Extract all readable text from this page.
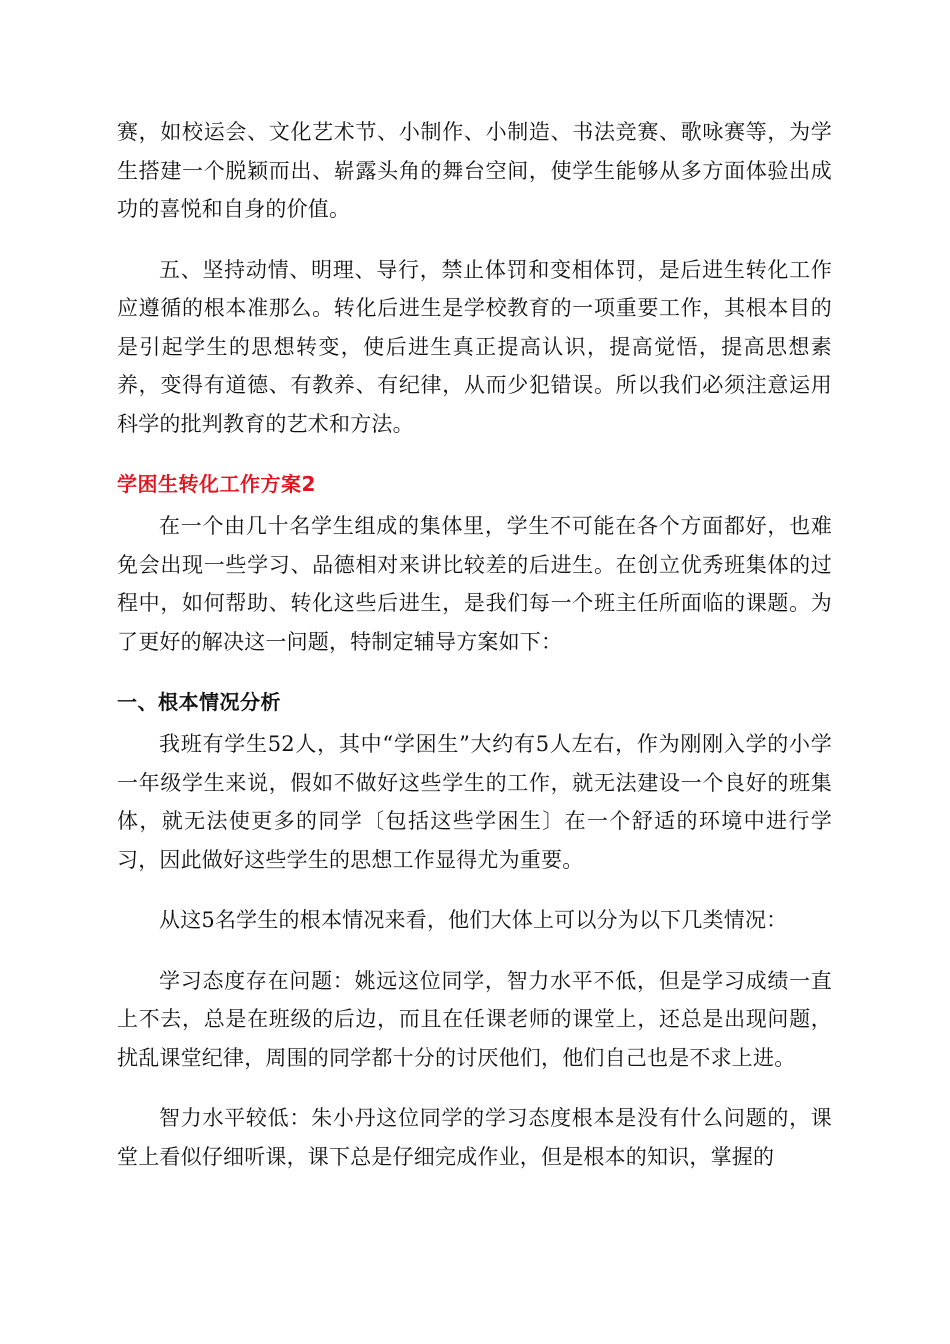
赛，如校运会、文化艺术节、小制作、小制造、书法竞赛、歌咏赛等，为学生搭建一个脱颖而出、崭露头角的舞台空间，使学生能够从多方面体验出成功的喜悦和自身的价值。

五、坚持动情、明理、导行，禁止体罚和变相体罚，是后进生转化工作应遵循的根本准那么。转化后进生是学校教育的一项重要工作，其根本目的是引起学生的思想转变，使后进生真正提高认识，提高觉悟，提高思想素养，变得有道德、有教养、有纪律，从而少犯错误。所以我们必须注意运用科学的批判教育的艺术和方法。

学困生转化工作方案2

在一个由几十名学生组成的集体里，学生不可能在各个方面都好，也难免会出现一些学习、品德相对来讲比较差的后进生。在创立优秀班集体的过程中，如何帮助、转化这些后进生，是我们每一个班主任所面临的课题。为了更好的解决这一问题，特制定辅导方案如下：

一、根本情况分析

我班有学生52人，其中“学困生”大约有5人左右，作为刚刚入学的小学一年级学生来说，假如不做好这些学生的工作，就无法建设一个良好的班集体，就无法使更多的同学〔包括这些学困生〕在一个舒适的环境中进行学习，因此做好这些学生的思想工作显得尤为重要。

从这5名学生的根本情况来看，他们大体上可以分为以下几类情况：

学习态度存在问题：姚远这位同学，智力水平不低，但是学习成绩一直上不去，总是在班级的后边，而且在任课老师的课堂上，还总是出现问题，扰乱课堂纪律，周围的同学都十分的讨厌他们，他们自己也是不求上进。

智力水平较低：朱小丹这位同学的学习态度根本是没有什么问题的，课堂上看似仔细听课，课下总是仔细完成作业，但是根本的知识，掌握的
